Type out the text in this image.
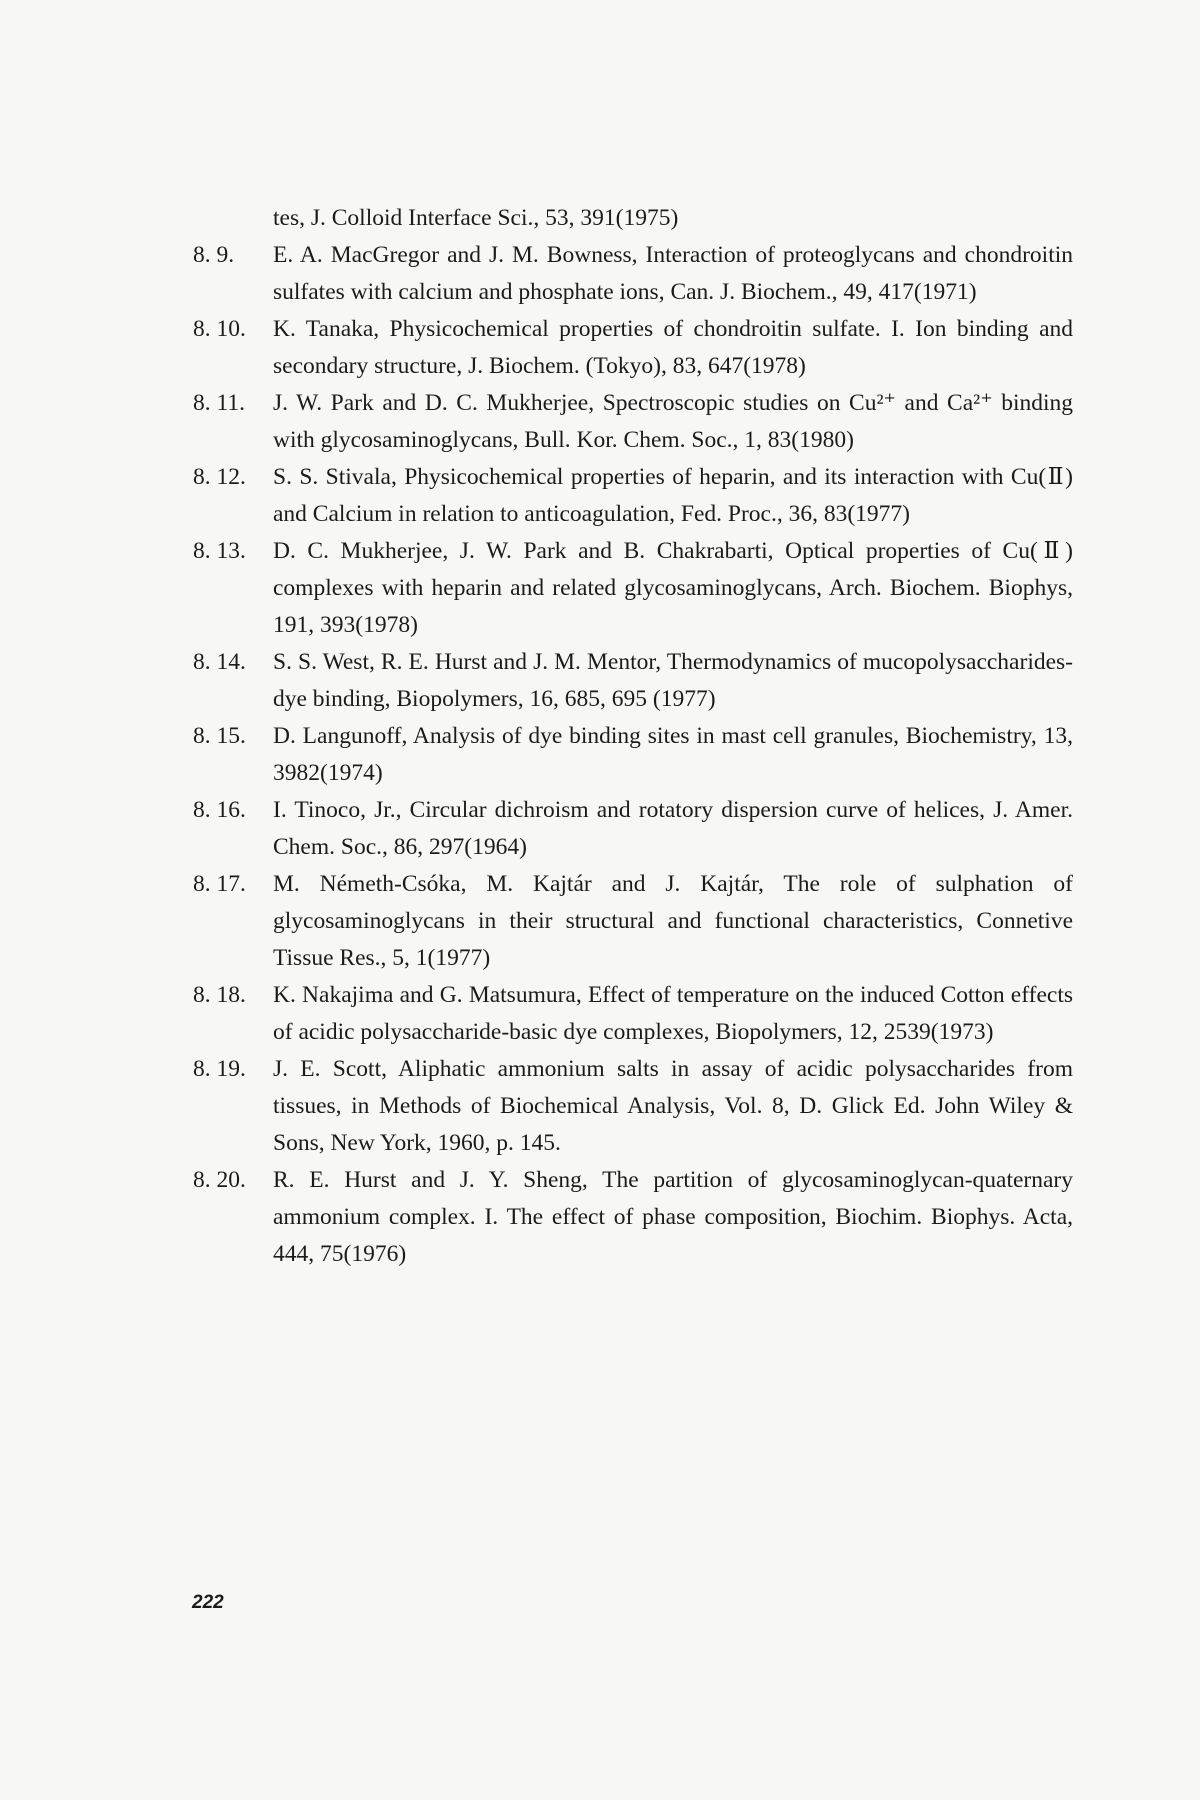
tes, J. Colloid Interface Sci., 53, 391(1975)
8. 9.	E. A. MacGregor and J. M. Bowness, Interaction of proteoglycans and chondroitin sulfates with calcium and phosphate ions, Can. J. Biochem., 49, 417(1971)
8. 10.	K. Tanaka, Physicochemical properties of chondroitin sulfate. I. Ion binding and secondary structure, J. Biochem. (Tokyo), 83, 647(1978)
8. 11.	J. W. Park and D. C. Mukherjee, Spectroscopic studies on Cu²⁺ and Ca²⁺ binding with glycosaminoglycans, Bull. Kor. Chem. Soc., 1, 83(1980)
8. 12.	S. S. Stivala, Physicochemical properties of heparin, and its interaction with Cu(Ⅱ) and Calcium in relation to anticoagulation, Fed. Proc., 36, 83(1977)
8. 13.	D. C. Mukherjee, J. W. Park and B. Chakrabarti, Optical properties of Cu(Ⅱ) complexes with heparin and related glycosaminoglycans, Arch. Biochem. Biophys, 191, 393(1978)
8. 14.	S. S. West, R. E. Hurst and J. M. Mentor, Thermodynamics of mucopolysaccharides-dye binding, Biopolymers, 16, 685, 695 (1977)
8. 15.	D. Langunoff, Analysis of dye binding sites in mast cell granules, Biochemistry, 13, 3982(1974)
8. 16.	I. Tinoco, Jr., Circular dichroism and rotatory dispersion curve of helices, J. Amer. Chem. Soc., 86, 297(1964)
8. 17.	M. Németh-Csóka, M. Kajtár and J. Kajtár, The role of sulphation of glycosaminoglycans in their structural and functional characteristics, Connetive Tissue Res., 5, 1(1977)
8. 18.	K. Nakajima and G. Matsumura, Effect of temperature on the induced Cotton effects of acidic polysaccharide-basic dye complexes, Biopolymers, 12, 2539(1973)
8. 19.	J. E. Scott, Aliphatic ammonium salts in assay of acidic polysaccharides from tissues, in Methods of Biochemical Analysis, Vol. 8, D. Glick Ed. John Wiley & Sons, New York, 1960, p. 145.
8. 20.	R. E. Hurst and J. Y. Sheng, The partition of glycosaminoglycan-quaternary ammonium complex. I. The effect of phase composition, Biochim. Biophys. Acta, 444, 75(1976)
222
